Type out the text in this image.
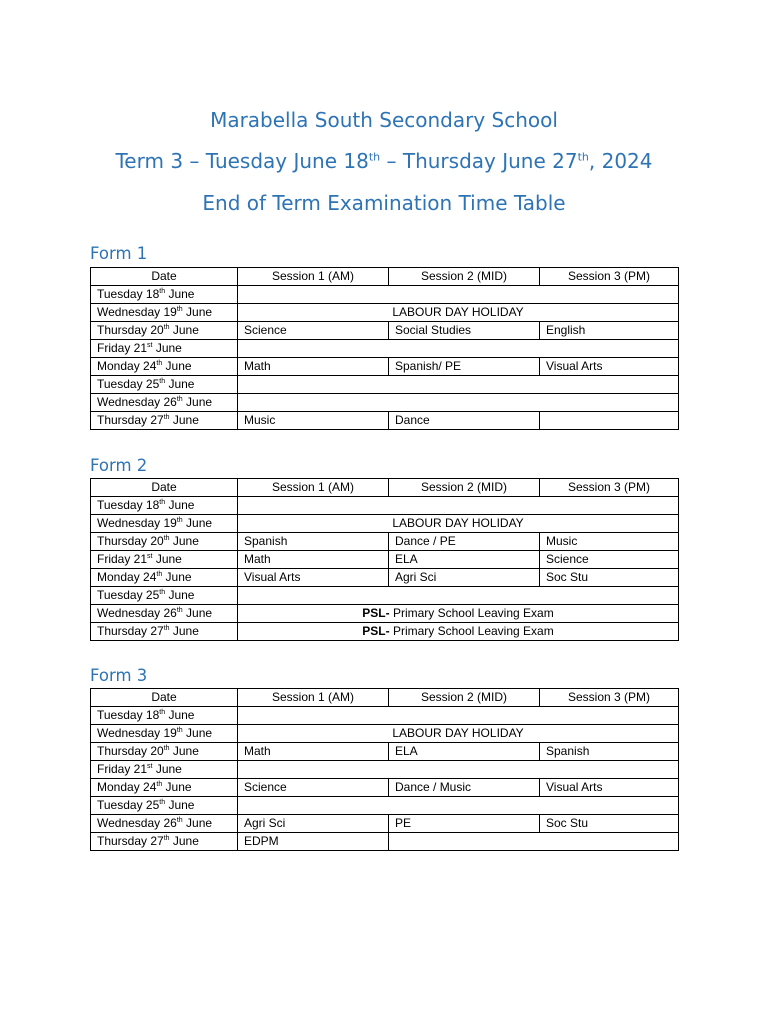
Marabella South Secondary School
Term 3 – Tuesday June 18th – Thursday June 27th, 2024
End of Term Examination Time Table
Form 1
Date	Session 1 (AM)	Session 2 (MID)	Session 3 (PM)
Tuesday 18th June			
Wednesday 19th June	LABOUR DAY HOLIDAY		
Thursday 20th June	Science	Social Studies	English
Friday 21st June			
Monday 24th June	Math	Spanish/ PE	Visual Arts
Tuesday 25th June			
Wednesday 26th June			
Thursday 27th June	Music	Dance	
Form 2
Date	Session 1 (AM)	Session 2 (MID)	Session 3 (PM)
Tuesday 18th June			
Wednesday 19th June	LABOUR DAY HOLIDAY		
Thursday 20th June	Spanish	Dance / PE	Music
Friday 21st June	Math	ELA	Science
Monday 24th June	Visual Arts	Agri Sci	Soc Stu
Tuesday 25th June			
Wednesday 26th June	PSL- Primary School Leaving Exam		
Thursday 27th June	PSL- Primary School Leaving Exam		
Form 3
Date	Session 1 (AM)	Session 2 (MID)	Session 3 (PM)
Tuesday 18th June			
Wednesday 19th June	LABOUR DAY HOLIDAY		
Thursday 20th June	Math	ELA	Spanish
Friday 21st June			
Monday 24th June	Science	Dance / Music	Visual Arts
Tuesday 25th June			
Wednesday 26th June	Agri Sci	PE	Soc Stu
Thursday 27th June	EDPM		
